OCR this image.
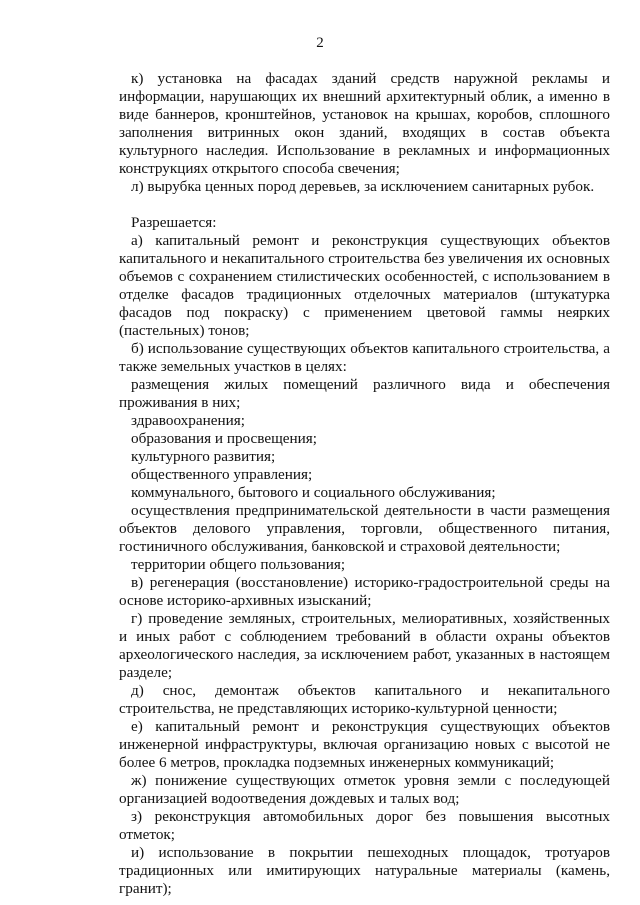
2

к) установка на фасадах зданий средств наружной рекламы и информации, нарушающих их внешний архитектурный облик, а именно в виде баннеров, кронштейнов, установок на крышах, коробов, сплошного заполнения витринных окон зданий, входящих в состав объекта культурного наследия. Использование в рекламных и информационных конструкциях открытого способа свечения;

л) вырубка ценных пород деревьев, за исключением санитарных рубок.

Разрешается:

а) капитальный ремонт и реконструкция существующих объектов капитального и некапитального строительства без увеличения их основных объемов с сохранением стилистических особенностей, с использованием в отделке фасадов традиционных отделочных материалов (штукатурка фасадов под покраску) с применением цветовой гаммы неярких (пастельных) тонов;

б) использование существующих объектов капитального строительства, а также земельных участков в целях:

размещения жилых помещений различного вида и обеспечения проживания в них;

здравоохранения;

образования и просвещения;

культурного развития;

общественного управления;

коммунального, бытового и социального обслуживания;

осуществления предпринимательской деятельности в части размещения объектов делового управления, торговли, общественного питания, гостиничного обслуживания, банковской и страховой деятельности;

территории общего пользования;

в) регенерация (восстановление) историко-градостроительной среды на основе историко-архивных изысканий;

г) проведение земляных, строительных, мелиоративных, хозяйственных и иных работ с соблюдением требований в области охраны объектов археологического наследия, за исключением работ, указанных в настоящем разделе;

д) снос, демонтаж объектов капитального и некапитального строительства, не представляющих историко-культурной ценности;

е) капитальный ремонт и реконструкция существующих объектов инженерной инфраструктуры, включая организацию новых с высотой не более 6 метров, прокладка подземных инженерных коммуникаций;

ж) понижение существующих отметок уровня земли с последующей организацией водоотведения дождевых и талых вод;

з) реконструкция автомобильных дорог без повышения высотных отметок;

и) использование в покрытии пешеходных площадок, тротуаров традиционных или имитирующих натуральные материалы (камень, гранит);
